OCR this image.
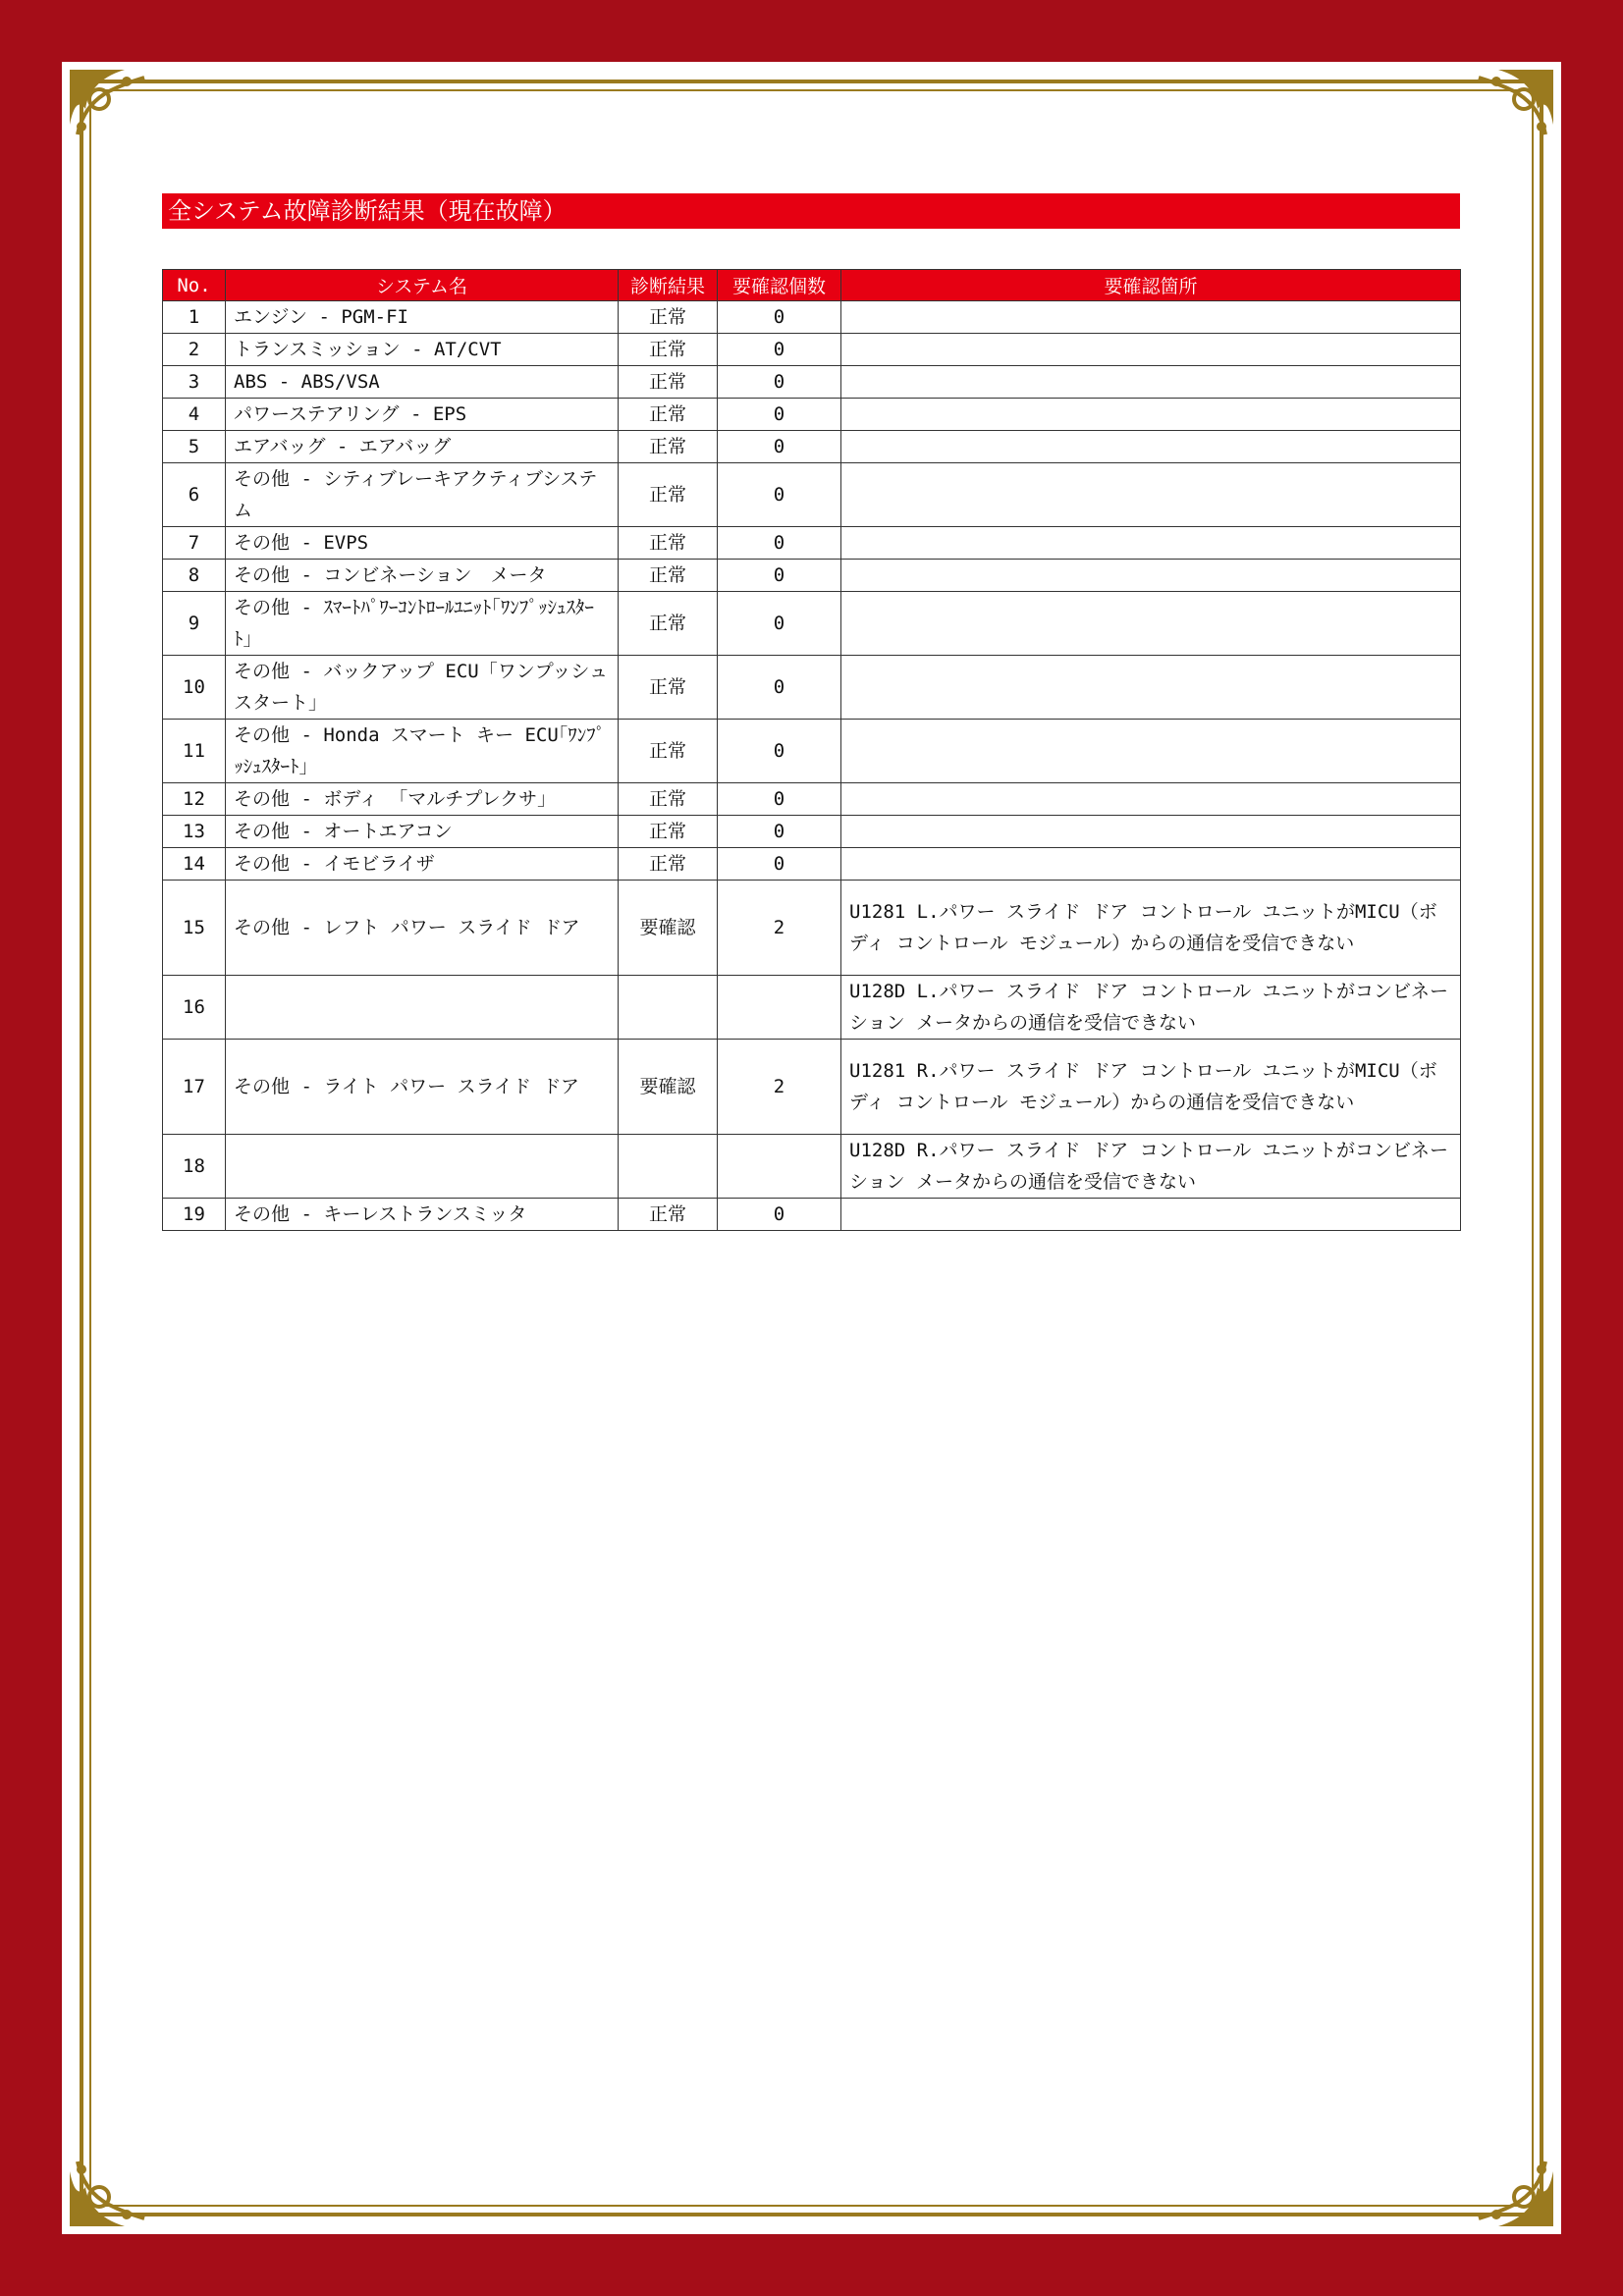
全システム故障診断結果（現在故障）
No.	システム名	診断結果	要確認個数	要確認箇所
1	エンジン - PGM-FI	正常	0	
2	トランスミッション - AT/CVT	正常	0	
3	ABS - ABS/VSA	正常	0	
4	パワーステアリング - EPS	正常	0	
5	エアバッグ - エアバッグ	正常	0	
6	その他 - シティブレーキアクティブシステム	正常	0	
7	その他 - EVPS	正常	0	
8	その他 - コンビネーション　メータ	正常	0	
9	その他 - ｽﾏｰﾄﾊﾟﾜｰｺﾝﾄﾛｰﾙﾕﾆｯﾄ｢ﾜﾝﾌﾟｯｼｭｽﾀｰﾄ｣	正常	0	
10	その他 - バックアップ ECU「ワンプッシュスタート」	正常	0	
11	その他 - Honda スマート キー ECU｢ﾜﾝﾌﾟｯｼｭｽﾀｰﾄ｣	正常	0	
12	その他 - ボディ 「マルチプレクサ」	正常	0	
13	その他 - オートエアコン	正常	0	
14	その他 - イモビライザ	正常	0	
15	その他 - レフト パワー スライド ドア	要確認	2	U1281 L.パワー スライド ドア コントロール ユニットがMICU（ボディ コントロール モジュール）からの通信を受信できない
16				U128D L.パワー スライド ドア コントロール ユニットがコンビネーション メータからの通信を受信できない
17	その他 - ライト パワー スライド ドア	要確認	2	U1281 R.パワー スライド ドア コントロール ユニットがMICU（ボディ コントロール モジュール）からの通信を受信できない
18				U128D R.パワー スライド ドア コントロール ユニットがコンビネーション メータからの通信を受信できない
19	その他 - キーレストランスミッタ	正常	0	
